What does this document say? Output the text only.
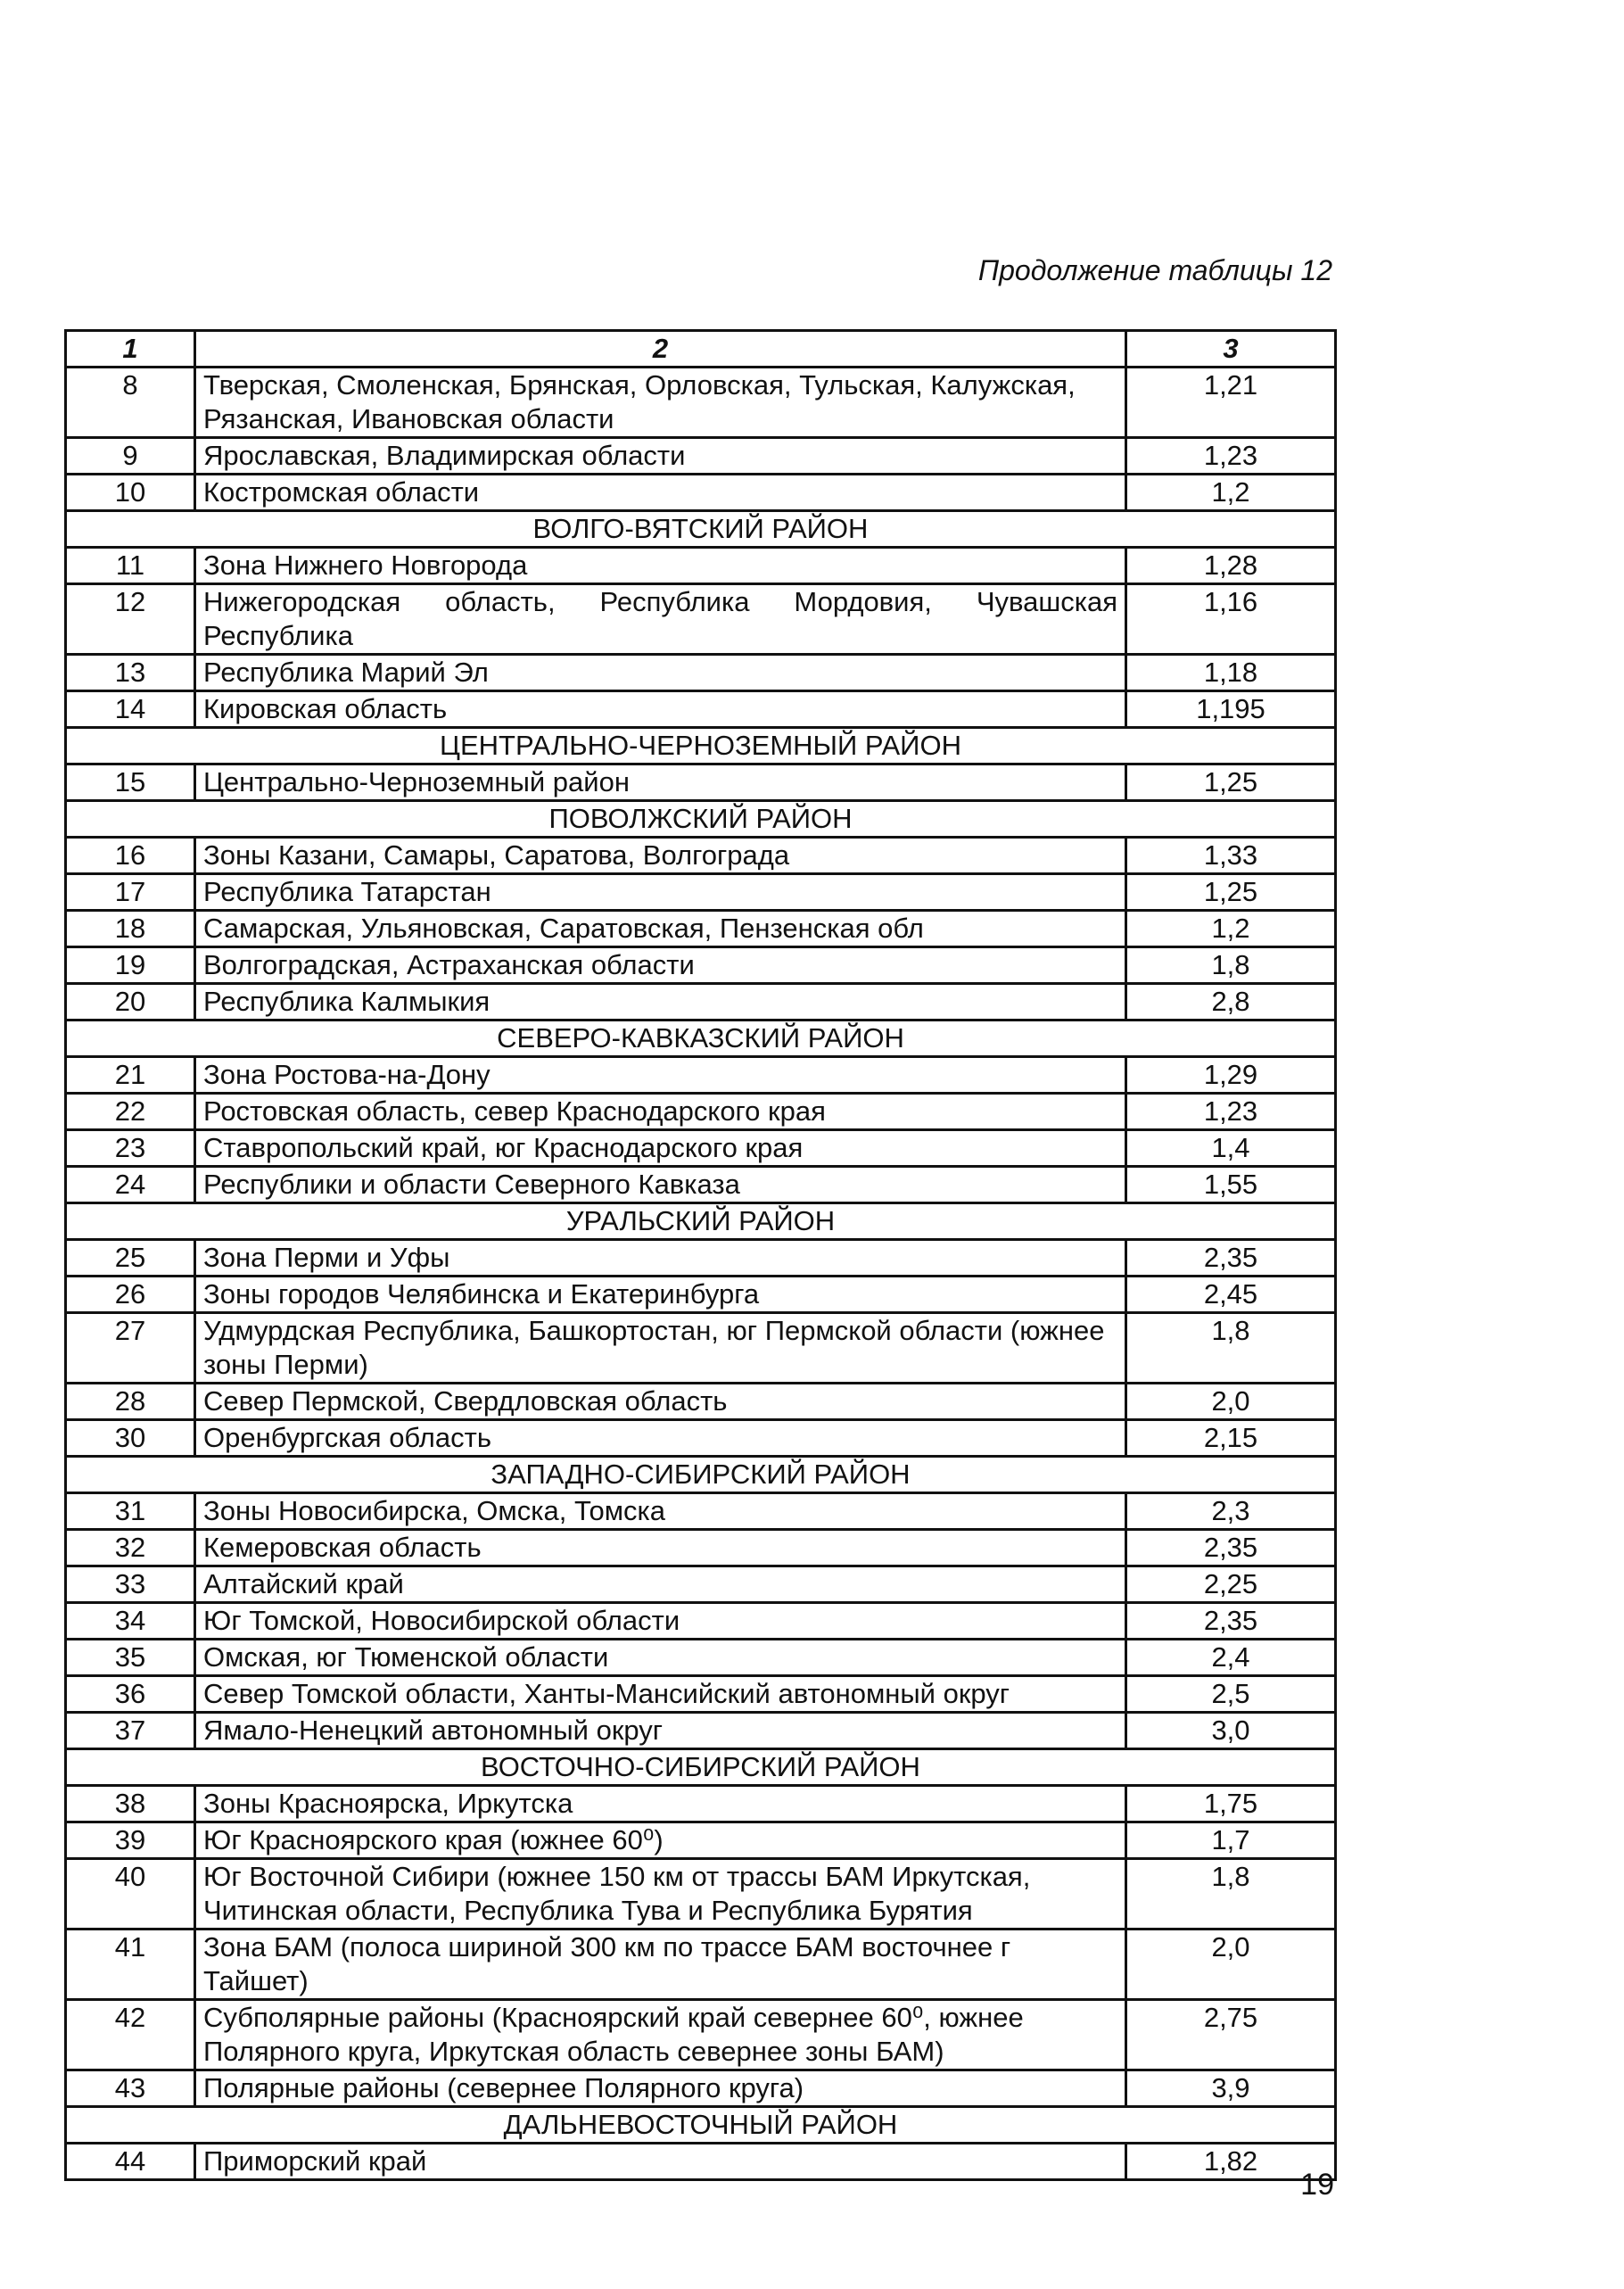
Продолжение таблицы 12
1	2	3
8	Тверская, Смоленская, Брянская, Орловская, Тульская, Калужская, Рязанская, Ивановская области	1,21
9	Ярославская, Владимирская области	1,23
10	Костромская области	1,2
ВОЛГО-ВЯТСКИЙ РАЙОН		
11	Зона Нижнего Новгорода	1,28
12	Нижегородская область, Республика Мордовия, Чувашская Республика	1,16
13	Республика Марий Эл	1,18
14	Кировская область	1,195
ЦЕНТРАЛЬНО-ЧЕРНОЗЕМНЫЙ РАЙОН		
15	Центрально-Черноземный район	1,25
ПОВОЛЖСКИЙ РАЙОН		
16	Зоны Казани, Самары, Саратова, Волгограда	1,33
17	Республика Татарстан	1,25
18	Самарская, Ульяновская, Саратовская, Пензенская обл	1,2
19	Волгоградская, Астраханская области	1,8
20	Республика Калмыкия	2,8
СЕВЕРО-КАВКАЗСКИЙ РАЙОН		
21	Зона Ростова-на-Дону	1,29
22	Ростовская область, север Краснодарского края	1,23
23	Ставропольский край, юг Краснодарского края	1,4
24	Республики и области Северного Кавказа	1,55
УРАЛЬСКИЙ РАЙОН		
25	Зона Перми и Уфы	2,35
26	Зоны городов Челябинска и Екатеринбурга	2,45
27	Удмурдская Республика, Башкортостан, юг Пермской области (южнее зоны Перми)	1,8
28	Север Пермской, Свердловская область	2,0
30	Оренбургская область	2,15
ЗАПАДНО-СИБИРСКИЙ РАЙОН		
31	Зоны Новосибирска, Омска, Томска	2,3
32	Кемеровская область	2,35
33	Алтайский край	2,25
34	Юг Томской, Новосибирской области	2,35
35	Омская, юг Тюменской области	2,4
36	Север Томской области, Ханты-Мансийский автономный округ	2,5
37	Ямало-Ненецкий автономный округ	3,0
ВОСТОЧНО-СИБИРСКИЙ РАЙОН		
38	Зоны Красноярска, Иркутска	1,75
39	Юг Красноярского края (южнее 60⁰)	1,7
40	Юг Восточной Сибири (южнее 150 км от трассы БАМ Иркутская, Читинская области, Республика Тува и Республика Бурятия	1,8
41	Зона БАМ (полоса шириной 300 км по трассе БАМ восточнее г Тайшет)	2,0
42	Субполярные районы (Красноярский край севернее 60⁰, южнее Полярного круга, Иркутская область севернее зоны БАМ)	2,75
43	Полярные районы (севернее Полярного круга)	3,9
ДАЛЬНЕВОСТОЧНЫЙ РАЙОН		
44	Приморский край	1,82
19
